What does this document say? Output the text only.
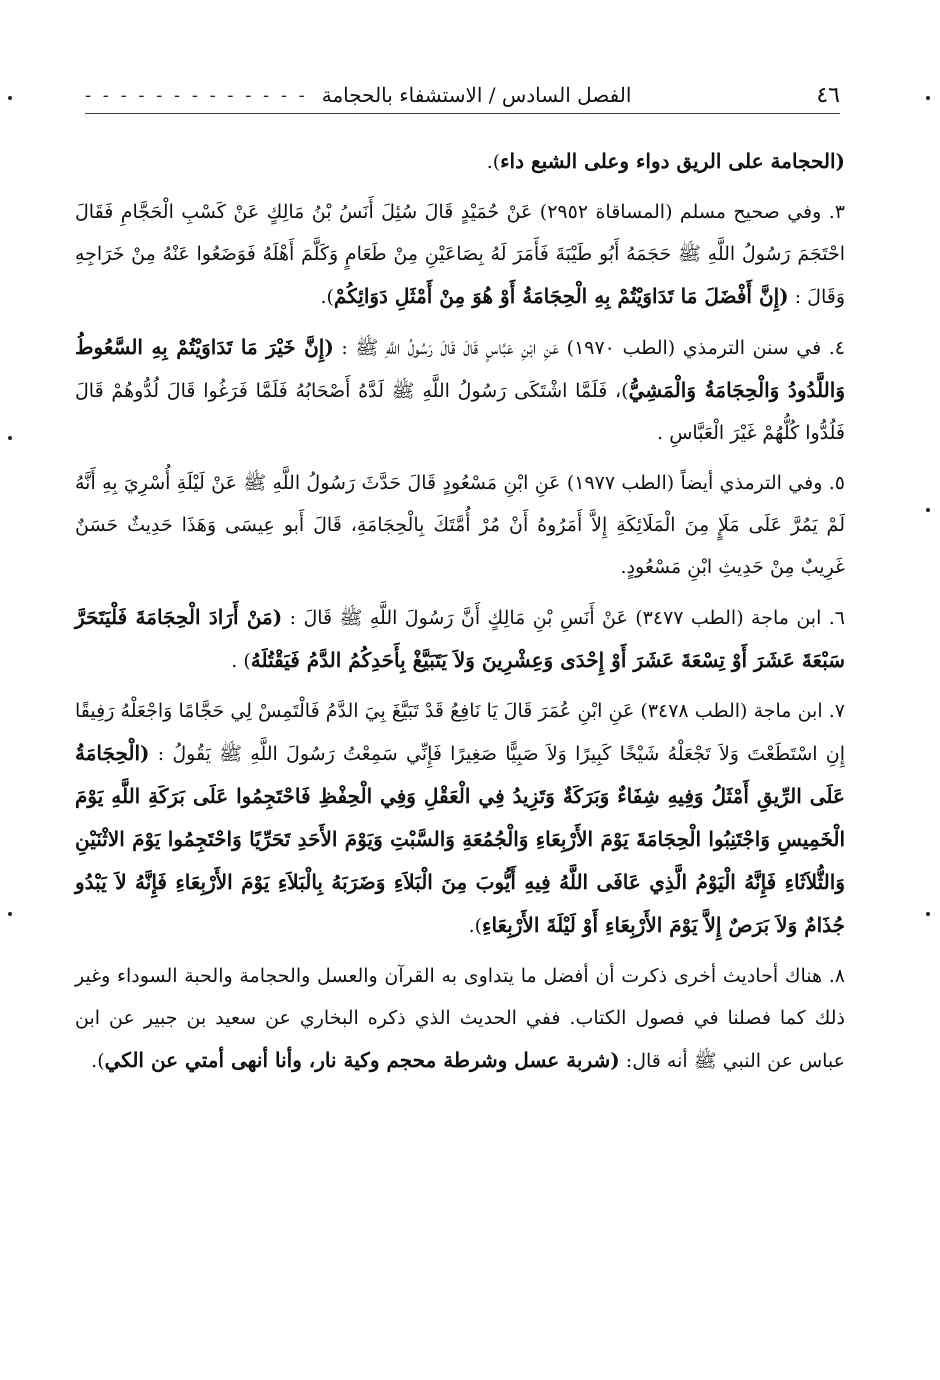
٤٦
الفصل السادس / الاستشفاء بالحجامة
- - - - - - - - - - - - -

(الحجامة على الريق دواء وعلى الشبع داء).

٣. وفي صحيح مسلم (المساقاة ٢٩٥٢) عَنْ حُمَيْدٍ قَالَ سُئِلَ أَنَسُ بْنُ مَالِكٍ عَنْ كَسْبِ الْحَجَّامِ فَقَالَ احْتَجَمَ رَسُولُ اللَّهِ ﷺ حَجَمَهُ أَبُو طَيْبَةَ فَأَمَرَ لَهُ بِصَاعَيْنِ مِنْ طَعَامٍ وَكَلَّمَ أَهْلَهُ فَوَضَعُوا عَنْهُ مِنْ خَرَاجِهِ وَقَالَ : (إِنَّ أَفْضَلَ مَا تَدَاوَيْتُمْ بِهِ الْحِجَامَةُ أَوْ هُوَ مِنْ أَمْثَلِ دَوَائِكُمْ).

٤. في سنن الترمذي (الطب ١٩٧٠) عَنِ ابْنِ عَبَّاسٍ قَالَ قَالَ رَسُولُ اللَّهِ ﷺ : (إِنَّ خَيْرَ مَا تَدَاوَيْتُمْ بِهِ السَّعُوطُ وَاللَّدُودُ وَالْحِجَامَةُ وَالْمَشِيُّ)، فَلَمَّا اشْتَكَى رَسُولُ اللَّهِ ﷺ لَدَّهُ أَصْحَابُهُ فَلَمَّا فَرَغُوا قَالَ لُدُّوهُمْ قَالَ فَلُدُّوا كُلُّهُمْ غَيْرَ الْعَبَّاسِ .

٥. وفي الترمذي أيضاً (الطب ١٩٧٧) عَنِ ابْنِ مَسْعُودٍ قَالَ حَدَّثَ رَسُولُ اللَّهِ ﷺ عَنْ لَيْلَةِ أُسْرِيَ بِهِ أَنَّهُ لَمْ يَمُرَّ عَلَى مَلَإٍ مِنَ الْمَلَائِكَةِ إِلاَّ أَمَرُوهُ أَنْ مُرْ أُمَّتَكَ بِالْحِجَامَةِ، قَالَ أَبو عِيسَى وَهَذَا حَدِيثٌ حَسَنٌ غَرِيبٌ مِنْ حَدِيثِ ابْنِ مَسْعُودٍ.

٦. ابن ماجة (الطب ٣٤٧٧) عَنْ أَنَسِ بْنِ مَالِكٍ أَنَّ رَسُولَ اللَّهِ ﷺ قَالَ : (مَنْ أَرَادَ الْحِجَامَةَ فَلْيَتَحَرَّ سَبْعَةَ عَشَرَ أَوْ تِسْعَةَ عَشَرَ أَوْ إِحْدَى وَعِشْرِينَ وَلاَ يَتَبَيَّغْ بِأَحَدِكُمُ الدَّمُ فَيَقْتُلَهُ) .

٧. ابن ماجة (الطب ٣٤٧٨) عَنِ ابْنِ عُمَرَ قَالَ يَا نَافِعُ قَدْ تَبَيَّغَ بِيَ الدَّمُ فَالْتَمِسْ لِي حَجَّامًا وَاجْعَلْهُ رَفِيقًا إِنِ اسْتَطَعْتَ وَلاَ تَجْعَلْهُ شَيْخًا كَبِيرًا وَلاَ صَبِيًّا صَغِيرًا فَإِنِّي سَمِعْتُ رَسُولَ اللَّهِ ﷺ يَقُولُ : (الْحِجَامَةُ عَلَى الرِّيقِ أَمْثَلُ وَفِيهِ شِفَاءٌ وَبَرَكَةٌ وَتَزِيدُ فِي الْعَقْلِ وَفِي الْحِفْظِ فَاحْتَجِمُوا عَلَى بَرَكَةِ اللَّهِ يَوْمَ الْخَمِيسِ وَاجْتَنِبُوا الْحِجَامَةَ يَوْمَ الأَرْبِعَاءِ وَالْجُمُعَةِ وَالسَّبْتِ وَيَوْمَ الأَحَدِ تَحَرِّيًا وَاحْتَجِمُوا يَوْمَ الاثْنَيْنِ وَالثُّلاَثَاءِ فَإِنَّهُ الْيَوْمُ الَّذِي عَافَى اللَّهُ فِيهِ أَيُّوبَ مِنَ الْبَلاَءِ وَضَرَبَهُ بِالْبَلاَءِ يَوْمَ الأَرْبِعَاءِ فَإِنَّهُ لاَ يَبْدُو جُذَامٌ وَلاَ بَرَصٌ إِلاَّ يَوْمَ الأَرْبِعَاءِ أَوْ لَيْلَةَ الأَرْبِعَاءِ).

٨. هناك أحاديث أخرى ذكرت أن أفضل ما يتداوى به القرآن والعسل والحجامة والحبة السوداء وغير ذلك كما فصلنا في فصول الكتاب. ففي الحديث الذي ذكره البخاري عن سعيد بن جبير عن ابن عباس عن النبي ﷺ أنه قال: (شربة عسل وشرطة محجم وكية نار، وأنا أنهى أمتي عن الكي).
